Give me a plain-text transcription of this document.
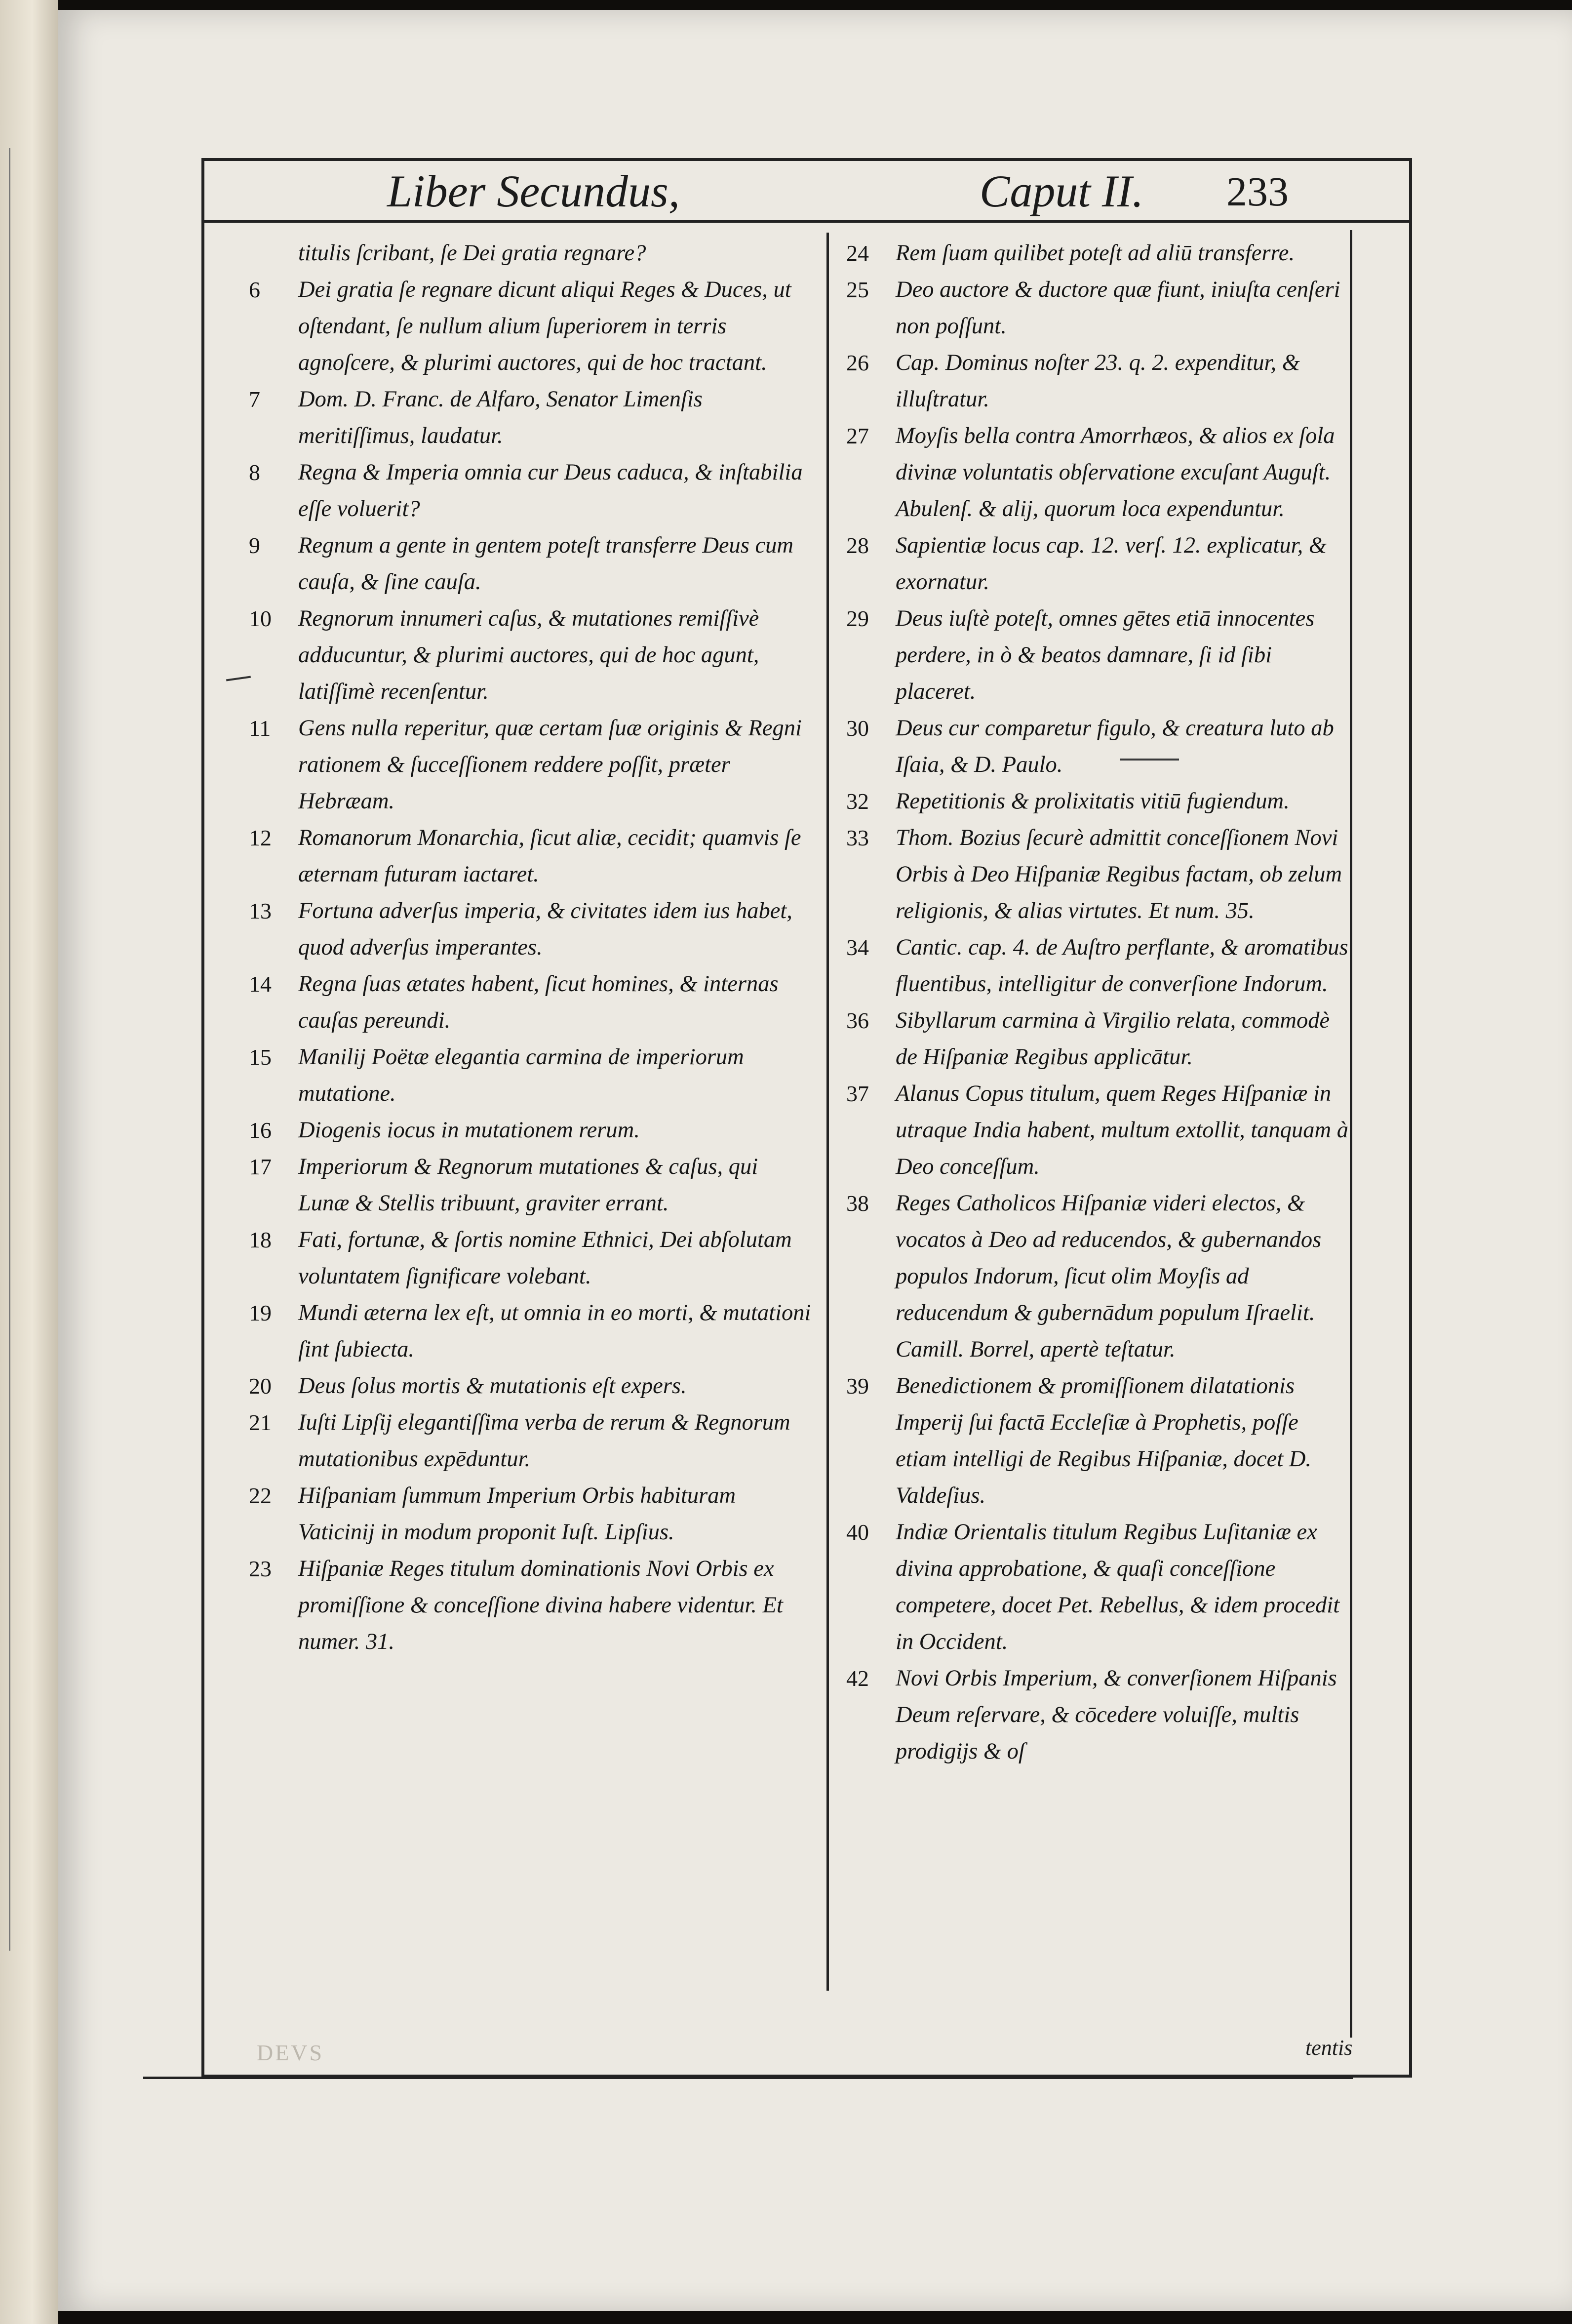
Liber Secundus,	Caput II. 233

titulis ſcribant, ſe Dei gratia regnare?

6	Dei gratia ſe regnare dicunt aliqui Reges & Duces, ut oſtendant, ſe nullum alium ſuperiorem in terris agnoſcere, & plurimi auctores, qui de hoc tractant.

7	Dom. D. Franc. de Alfaro, Senator Limenſis meritiſſimus, laudatur.

8	Regna & Imperia omnia cur Deus caduca, & inſtabilia eſſe voluerit?

9	Regnum a gente in gentem poteſt transferre Deus cum cauſa, & ſine cauſa.

10	Regnorum innumeri caſus, & mutationes remiſſivè adducuntur, & plurimi auctores, qui de hoc agunt, latiſſimè recenſentur.

11	Gens nulla reperitur, quæ certam ſuæ originis & Regni rationem & ſucceſſionem reddere poſſit, præter Hebræam.

12	Romanorum Monarchia, ſicut aliæ, cecidit; quamvis ſe æternam futuram iactaret.

13	Fortuna adverſus imperia, & civitates idem ius habet, quod adverſus imperantes.

14	Regna ſuas ætates habent, ſicut homines, & internas cauſas pereundi.

15	Manilij Poëtæ elegantia carmina de imperiorum mutatione.

16	Diogenis iocus in mutationem rerum.

17	Imperiorum & Regnorum mutationes & caſus, qui Lunæ & Stellis tribuunt, graviter errant.

18	Fati, fortunæ, & ſortis nomine Ethnici, Dei abſolutam voluntatem ſignificare volebant.

19	Mundi æterna lex eſt, ut omnia in eo morti, & mutationi ſint ſubiecta.

20	Deus ſolus mortis & mutationis eſt expers.

21	Iuſti Lipſij elegantiſſima verba de rerum & Regnorum mutationibus expēduntur.

22	Hiſpaniam ſummum Imperium Orbis habituram Vaticinij in modum proponit Iuſt. Lipſius.

23	Hiſpaniæ Reges titulum dominationis Novi Orbis ex promiſſione & conceſſione divina habere videntur. Et numer. 31.

24	Rem ſuam quilibet poteſt ad aliū transferre.

25	Deo auctore & ductore quæ fiunt, iniuſta cenſeri non poſſunt.

26	Cap. Dominus noſter 23. q. 2. expenditur, & illuſtratur.

27	Moyſis bella contra Amorrhæos, & alios ex ſola divinæ voluntatis obſervatione excuſant Auguſt. Abulenſ. & alij, quorum loca expenduntur.

28	Sapientiæ locus cap. 12. verſ. 12. explicatur, & exornatur.

29	Deus iuſtè poteſt, omnes gētes etiā innocentes perdere, in ò & beatos damnare, ſi id ſibi placeret.

30	Deus cur comparetur figulo, & creatura luto ab Iſaia, & D. Paulo.

32	Repetitionis & prolixitatis vitiū fugiendum.

33	Thom. Bozius ſecurè admittit conceſſionem Novi Orbis à Deo Hiſpaniæ Regibus factam, ob zelum religionis, & alias virtutes. Et num. 35.

34	Cantic. cap. 4. de Auſtro perflante, & aromatibus fluentibus, intelligitur de converſione Indorum.

36	Sibyllarum carmina à Virgilio relata, commodè de Hiſpaniæ Regibus applicātur.

37	Alanus Copus titulum, quem Reges Hiſpaniæ in utraque India habent, multum extollit, tanquam à Deo conceſſum.

38	Reges Catholicos Hiſpaniæ videri electos, & vocatos à Deo ad reducendos, & gubernandos populos Indorum, ſicut olim Moyſis ad reducendum & gubernādum populum Iſraelit. Camill. Borrel, apertè teſtatur.

39	Benedictionem & promiſſionem dilatationis Imperij ſui factā Eccleſiæ à Prophetis, poſſe etiam intelligi de Regibus Hiſpaniæ, docet D. Valdeſius.

40	Indiæ Orientalis titulum Regibus Luſitaniæ ex divina approbatione, & quaſi conceſſione competere, docet Pet. Rebellus, & idem procedit in Occident.

42	Novi Orbis Imperium, & converſionem Hiſpanis Deum reſervare, & cōcedere voluiſſe, multis prodigijs & oſ

tentis
DEVS
